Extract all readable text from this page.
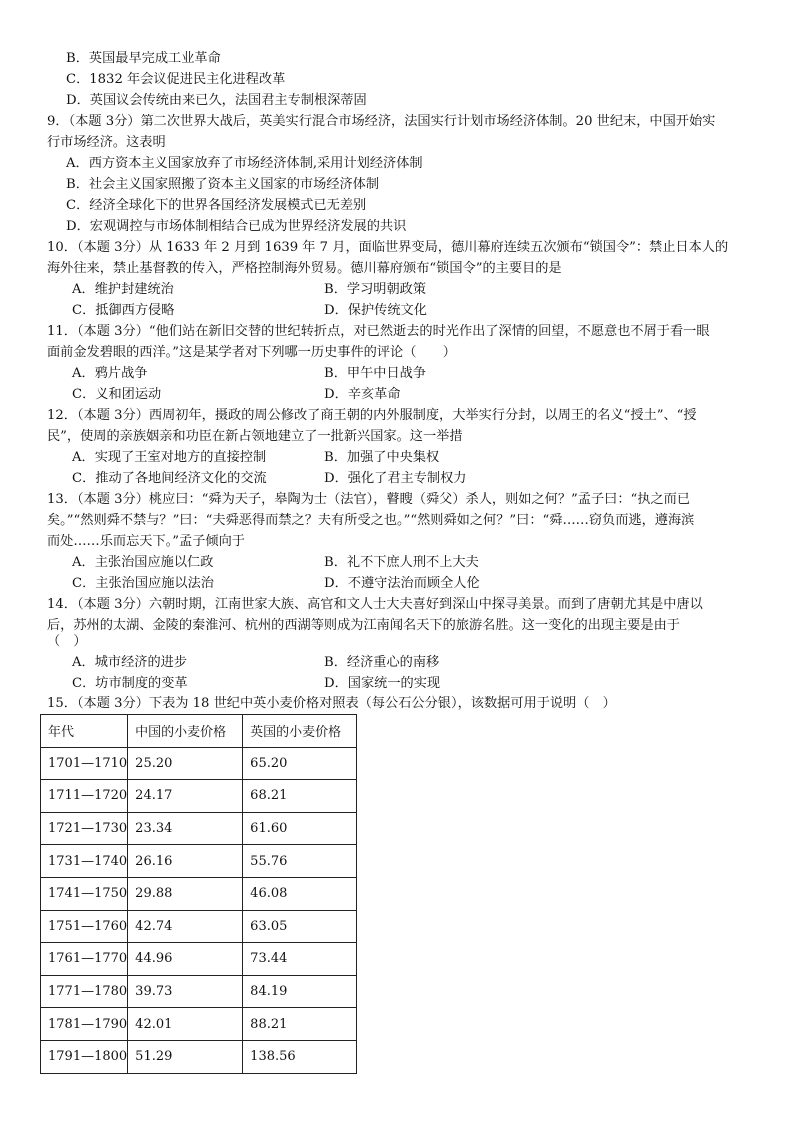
B．英国最早完成工业革命
C．1832 年会议促进民主化进程改革
D．英国议会传统由来已久，法国君主专制根深蒂固
9．（本题 3分）第二次世界大战后，英美实行混合市场经济，法国实行计划市场经济体制。20 世纪末，中国开始实
行市场经济。这表明
A．西方资本主义国家放弃了市场经济体制,采用计划经济体制
B．社会主义国家照搬了资本主义国家的市场经济体制
C．经济全球化下的世界各国经济发展模式已无差别
D．宏观调控与市场体制相结合已成为世界经济发展的共识
10．（本题 3分）从 1633 年 2 月到 1639 年 7 月，面临世界变局，德川幕府连续五次颁布“锁国令”：禁止日本人的
海外往来，禁止基督教的传入，严格控制海外贸易。德川幕府颁布“锁国令”的主要目的是
A．维护封建统治	B．学习明朝政策
C．抵御西方侵略	D．保护传统文化
11．（本题 3分）“他们站在新旧交替的世纪转折点，对已然逝去的时光作出了深情的回望，不愿意也不屑于看一眼
面前金发碧眼的西洋。”这是某学者对下列哪一历史事件的评论（　　）
A．鸦片战争	B．甲午中日战争
C．义和团运动	D．辛亥革命
12．（本题 3分）西周初年，摄政的周公修改了商王朝的内外服制度，大举实行分封，以周王的名义“授土”、“授
民”，使周的亲族姻亲和功臣在新占领地建立了一批新兴国家。这一举措
A．实现了王室对地方的直接控制	B．加强了中央集权
C．推动了各地间经济文化的交流	D．强化了君主专制权力
13．（本题 3分）桃应曰：“舜为天子，皋陶为士（法官），瞽瞍（舜父）杀人，则如之何？”孟子曰：“执之而已
矣。”“然则舜不禁与？”曰：“夫舜恶得而禁之？夫有所受之也。”“然则舜如之何？”曰：“舜……窃负而逃，遵海滨
而处……乐而忘天下。”孟子倾向于
A．主张治国应施以仁政	B．礼不下庶人刑不上大夫
C．主张治国应施以法治	D．不遵守法治而顾全人伦
14．（本题 3分）六朝时期，江南世家大族、高官和文人士大夫喜好到深山中探寻美景。而到了唐朝尤其是中唐以
后，苏州的太湖、金陵的秦淮河、杭州的西湖等则成为江南闻名天下的旅游名胜。这一变化的出现主要是由于
（　）
A．城市经济的进步	B．经济重心的南移
C．坊市制度的变革	D．国家统一的实现
15．（本题 3分）下表为 18 世纪中英小麦价格对照表（每公石公分银），该数据可用于说明（　）
年代	中国的小麦价格	英国的小麦价格
1701—1710	25.20	65.20
1711—1720	24.17	68.21
1721—1730	23.34	61.60
1731—1740	26.16	55.76
1741—1750	29.88	46.08
1751—1760	42.74	63.05
1761—1770	44.96	73.44
1771—1780	39.73	84.19
1781—1790	42.01	88.21
1791—1800	51.29	138.56
